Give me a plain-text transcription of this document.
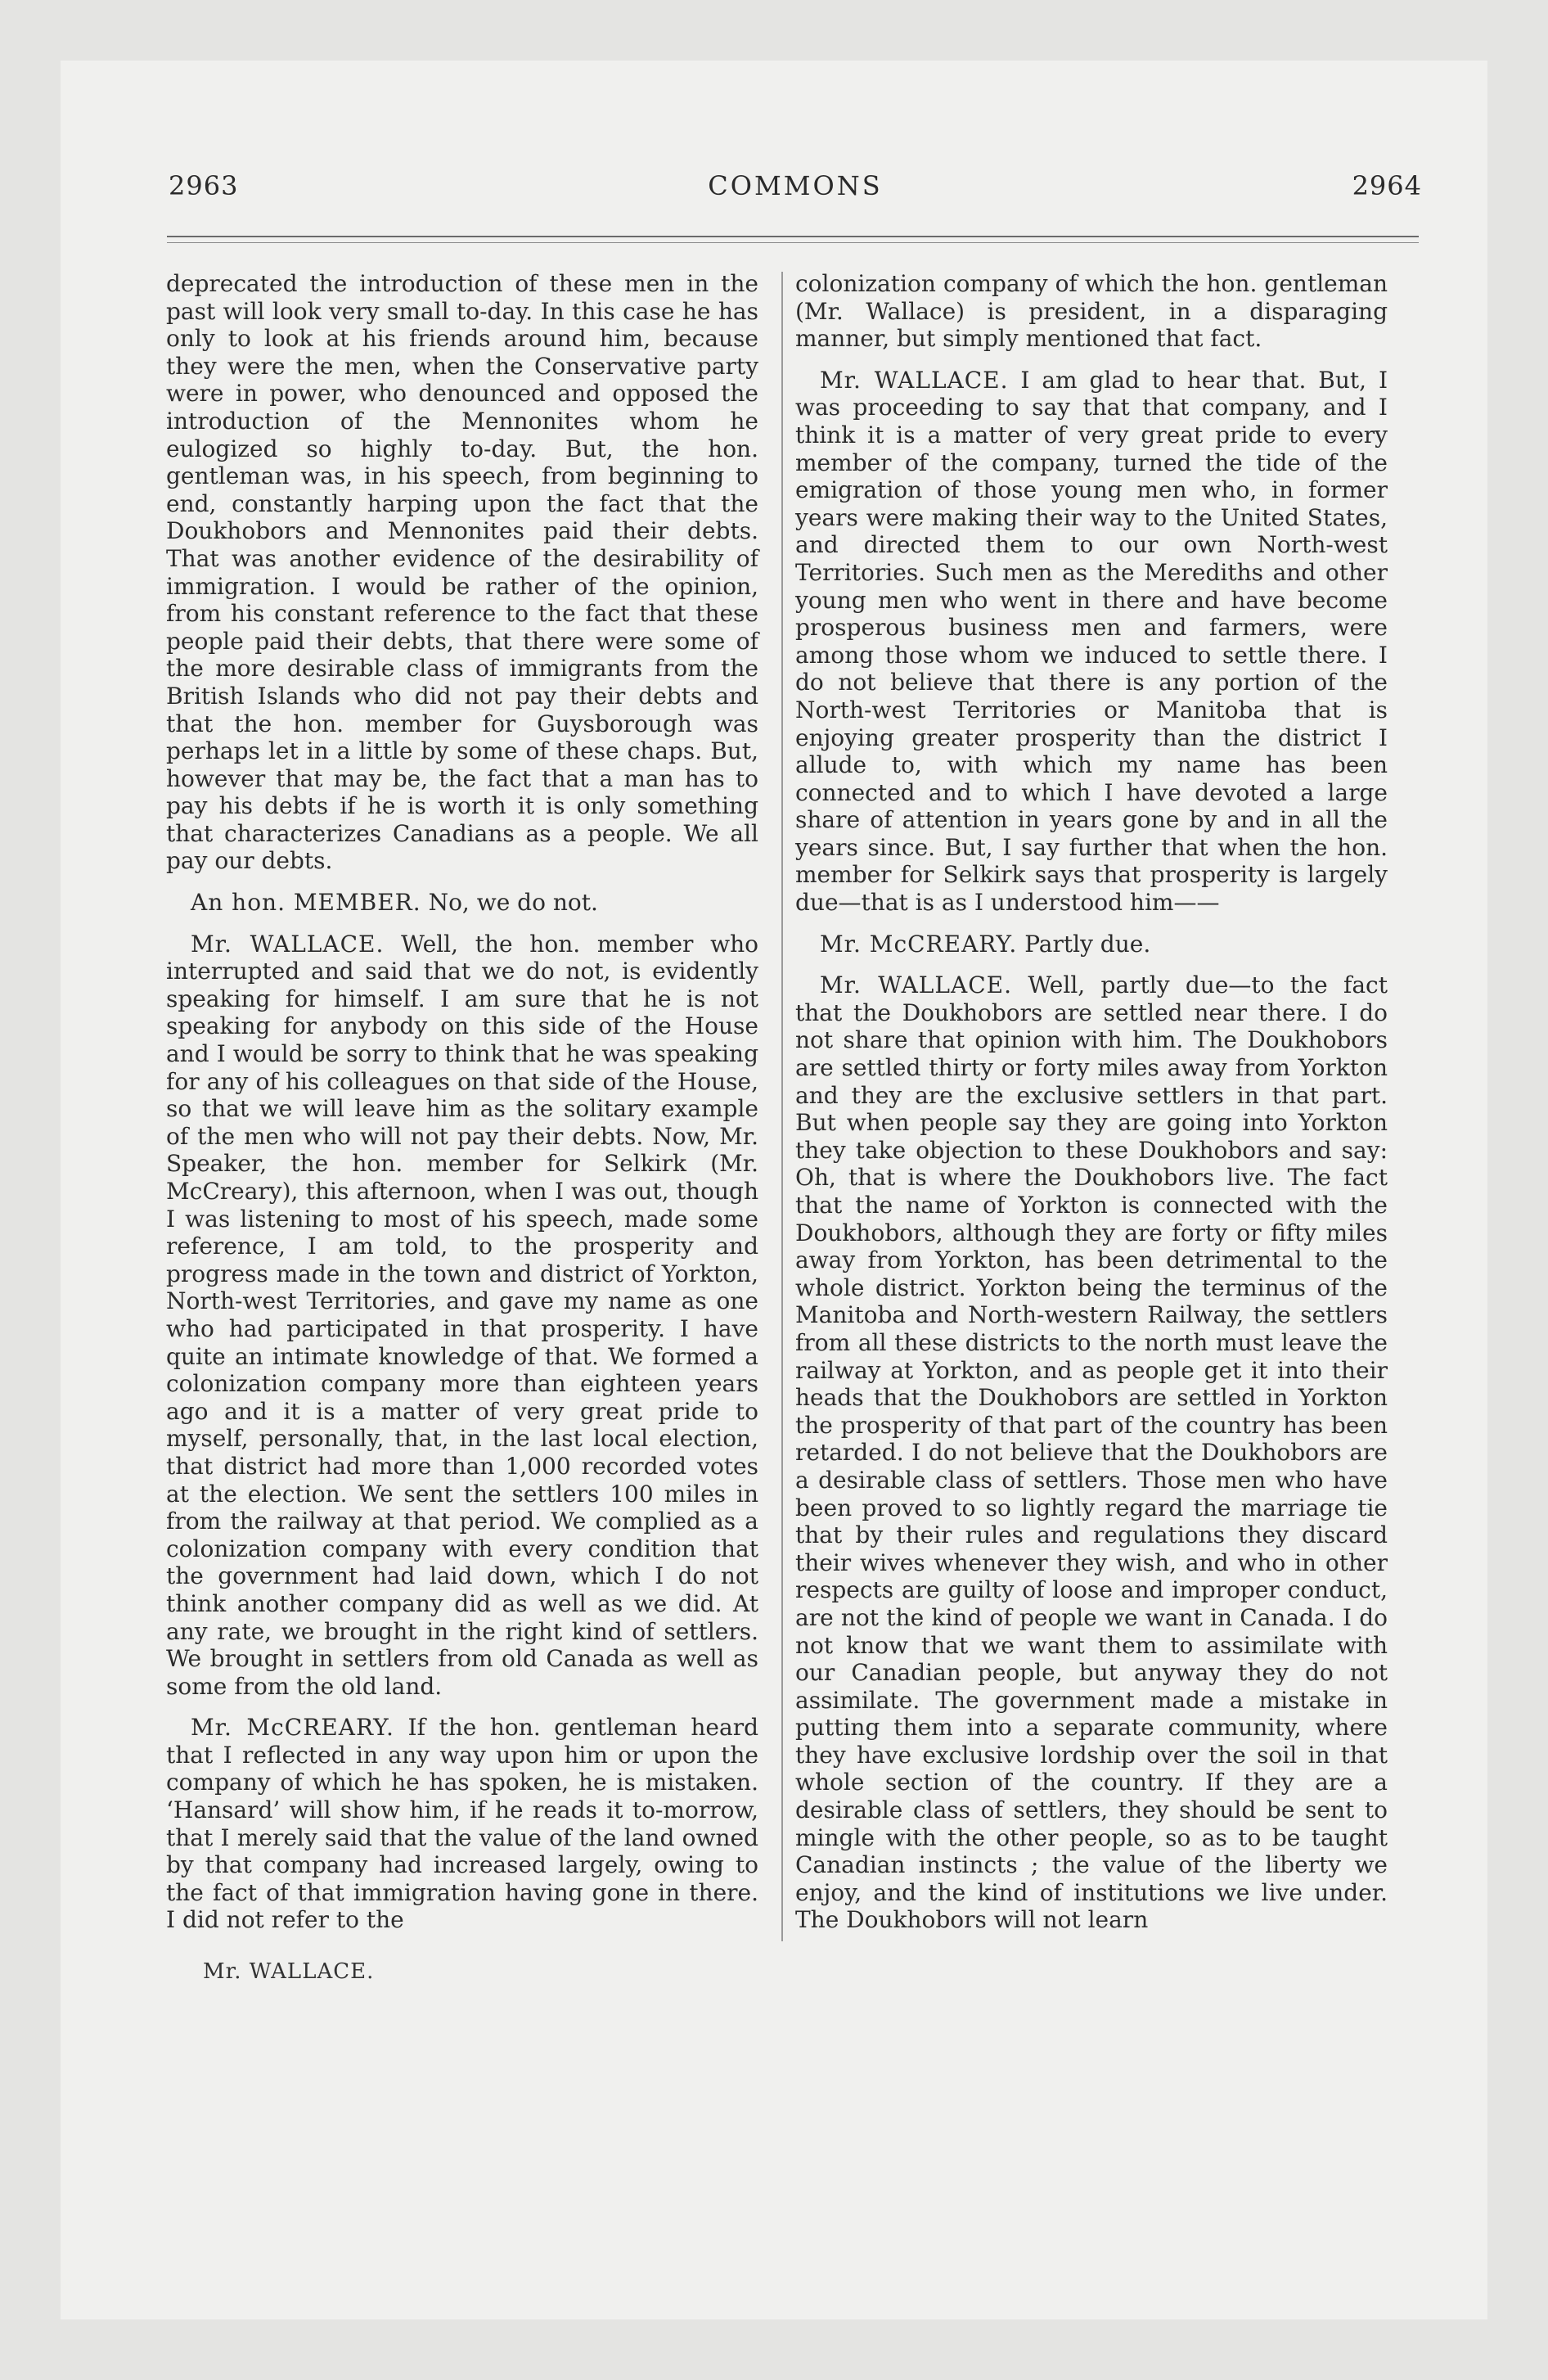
2963	COMMONS	2964

deprecated the introduction of these men in the past will look very small to-day. In this case he has only to look at his friends around him, because they were the men, when the Conservative party were in power, who denounced and opposed the introduction of the Mennonites whom he eulogized so highly to-day. But, the hon. gentleman was, in his speech, from beginning to end, constantly harping upon the fact that the Doukhobors and Mennonites paid their debts. That was another evidence of the desirability of immigration. I would be rather of the opinion, from his constant reference to the fact that these people paid their debts, that there were some of the more desirable class of immigrants from the British Islands who did not pay their debts and that the hon. member for Guysborough was perhaps let in a little by some of these chaps. But, however that may be, the fact that a man has to pay his debts if he is worth it is only something that characterizes Canadians as a people. We all pay our debts.

An hon. MEMBER. No, we do not.

Mr. WALLACE. Well, the hon. member who interrupted and said that we do not, is evidently speaking for himself. I am sure that he is not speaking for anybody on this side of the House and I would be sorry to think that he was speaking for any of his colleagues on that side of the House, so that we will leave him as the solitary example of the men who will not pay their debts. Now, Mr. Speaker, the hon. member for Selkirk (Mr. McCreary), this afternoon, when I was out, though I was listening to most of his speech, made some reference, I am told, to the prosperity and progress made in the town and district of Yorkton, North-west Territories, and gave my name as one who had participated in that prosperity. I have quite an intimate knowledge of that. We formed a colonization company more than eighteen years ago and it is a matter of very great pride to myself, personally, that, in the last local election, that district had more than 1,000 recorded votes at the election. We sent the settlers 100 miles in from the railway at that period. We complied as a colonization company with every condition that the government had laid down, which I do not think another company did as well as we did. At any rate, we brought in the right kind of settlers. We brought in settlers from old Canada as well as some from the old land.

Mr. McCREARY. If the hon. gentleman heard that I reflected in any way upon him or upon the company of which he has spoken, he is mistaken. ‘Hansard’ will show him, if he reads it to-morrow, that I merely said that the value of the land owned by that company had increased largely, owing to the fact of that immigration having gone in there. I did not refer to the

colonization company of which the hon. gentleman (Mr. Wallace) is president, in a disparaging manner, but simply mentioned that fact.

Mr. WALLACE. I am glad to hear that. But, I was proceeding to say that that company, and I think it is a matter of very great pride to every member of the company, turned the tide of the emigration of those young men who, in former years were making their way to the United States, and directed them to our own North-west Territories. Such men as the Merediths and other young men who went in there and have become prosperous business men and farmers, were among those whom we induced to settle there. I do not believe that there is any portion of the North-west Territories or Manitoba that is enjoying greater prosperity than the district I allude to, with which my name has been connected and to which I have devoted a large share of attention in years gone by and in all the years since. But, I say further that when the hon. member for Selkirk says that prosperity is largely due—that is as I understood him——

Mr. McCREARY. Partly due.

Mr. WALLACE. Well, partly due—to the fact that the Doukhobors are settled near there. I do not share that opinion with him. The Doukhobors are settled thirty or forty miles away from Yorkton and they are the exclusive settlers in that part. But when people say they are going into Yorkton they take objection to these Doukhobors and say: Oh, that is where the Doukhobors live. The fact that the name of Yorkton is connected with the Doukhobors, although they are forty or fifty miles away from Yorkton, has been detrimental to the whole district. Yorkton being the terminus of the Manitoba and North-western Railway, the settlers from all these districts to the north must leave the railway at Yorkton, and as people get it into their heads that the Doukhobors are settled in Yorkton the prosperity of that part of the country has been retarded. I do not believe that the Doukhobors are a desirable class of settlers. Those men who have been proved to so lightly regard the marriage tie that by their rules and regulations they discard their wives whenever they wish, and who in other respects are guilty of loose and improper conduct, are not the kind of people we want in Canada. I do not know that we want them to assimilate with our Canadian people, but anyway they do not assimilate. The government made a mistake in putting them into a separate community, where they have exclusive lordship over the soil in that whole section of the country. If they are a desirable class of settlers, they should be sent to mingle with the other people, so as to be taught Canadian instincts ; the value of the liberty we enjoy, and the kind of institutions we live under. The Doukhobors will not learn

Mr. WALLACE.
